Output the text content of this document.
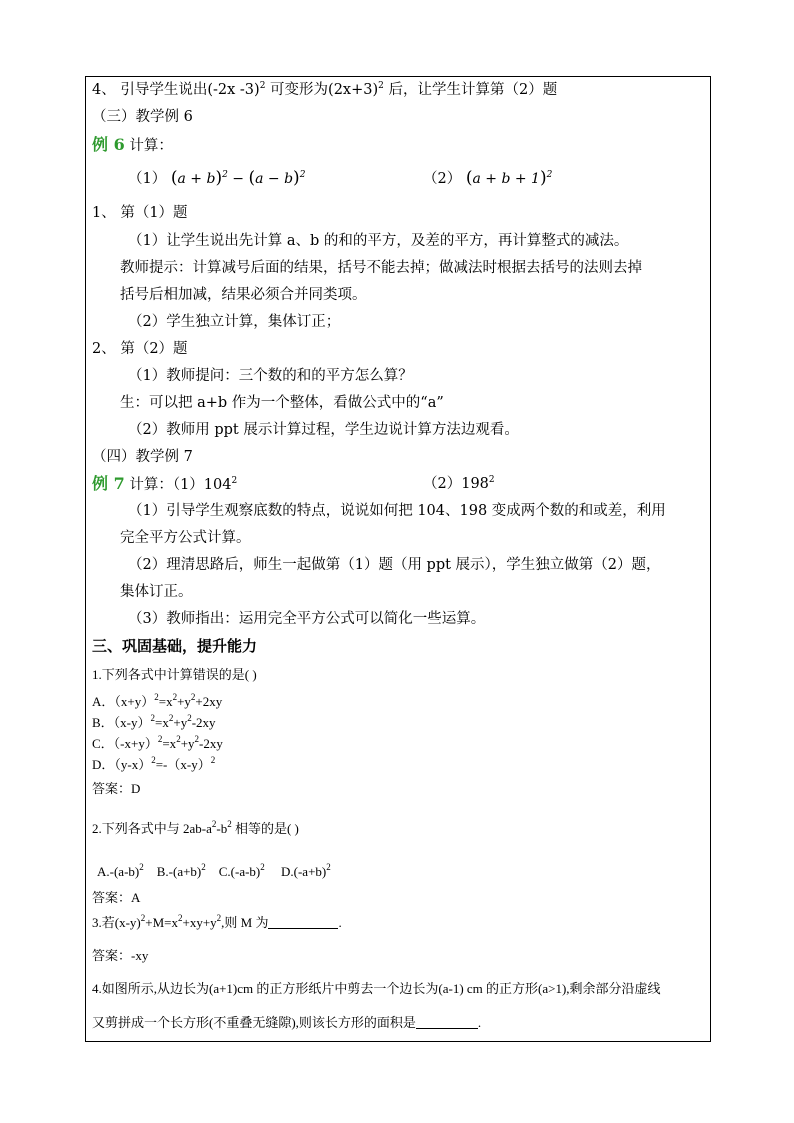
4、 引导学生说出(-2x -3)$^2$ 可变形为$(2x+3)^2$ 后，让学生计算第（2）题
（三）教学例 6
例 6 计算：
（1） $(a + b)^2 - (a - b)^2$	（2） $(a + b + 1)^2$
1、 第（1）题
（1）让学生说出先计算 a、b 的和的平方，及差的平方，再计算整式的减法。
教师提示：计算减号后面的结果，括号不能去掉；做减法时根据去括号的法则去掉
括号后相加减，结果必须合并同类项。
（2）学生独立计算，集体订正；
2、 第（2）题
（1）教师提问：三个数的和的平方怎么算？
生：可以把 a+b 作为一个整体，看做公式中的“a”
（2）教师用 ppt 展示计算过程，学生边说计算方法边观看。
（四）教学例 7
例 7 计算：$(1)104^2$	$(2)198^2$
（1）引导学生观察底数的特点，说说如何把 104、198 变成两个数的和或差，利用
完全平方公式计算。
（2）理清思路后，师生一起做第（1）题（用 ppt 展示），学生独立做第（2）题，
集体订正。
（3）教师指出：运用完全平方公式可以简化一些运算。
三、巩固基础，提升能力
1.下列各式中计算错误的是( )
A．$(x+y)^2=x^2+y^2+2xy$
B．$(x-y)^2=x^2+y^2-2xy$
C．$(-x+y)^2=x^2+y^2-2xy$
D．$(y-x)^2=-(x-y)^2$
答案：D
2.下列各式中与 $2ab-a^2-b^2$ 相等的是( )
$A.-(a-b)^2$    $B.-(a+b)^2$    $C.(-a-b)^2$     $D.(-a+b)^2$
答案：A
3.若$(x-y)^2+M=x^2+xy+y^2$,则 M 为	.
答案：-xy
4.如图所示,从边长为(a+1)cm 的正方形纸片中剪去一个边长为(a-1) cm 的正方形(a>1),剩余部分沿虚线
又剪拼成一个长方形(不重叠无缝隙),则该长方形的面积是	.
